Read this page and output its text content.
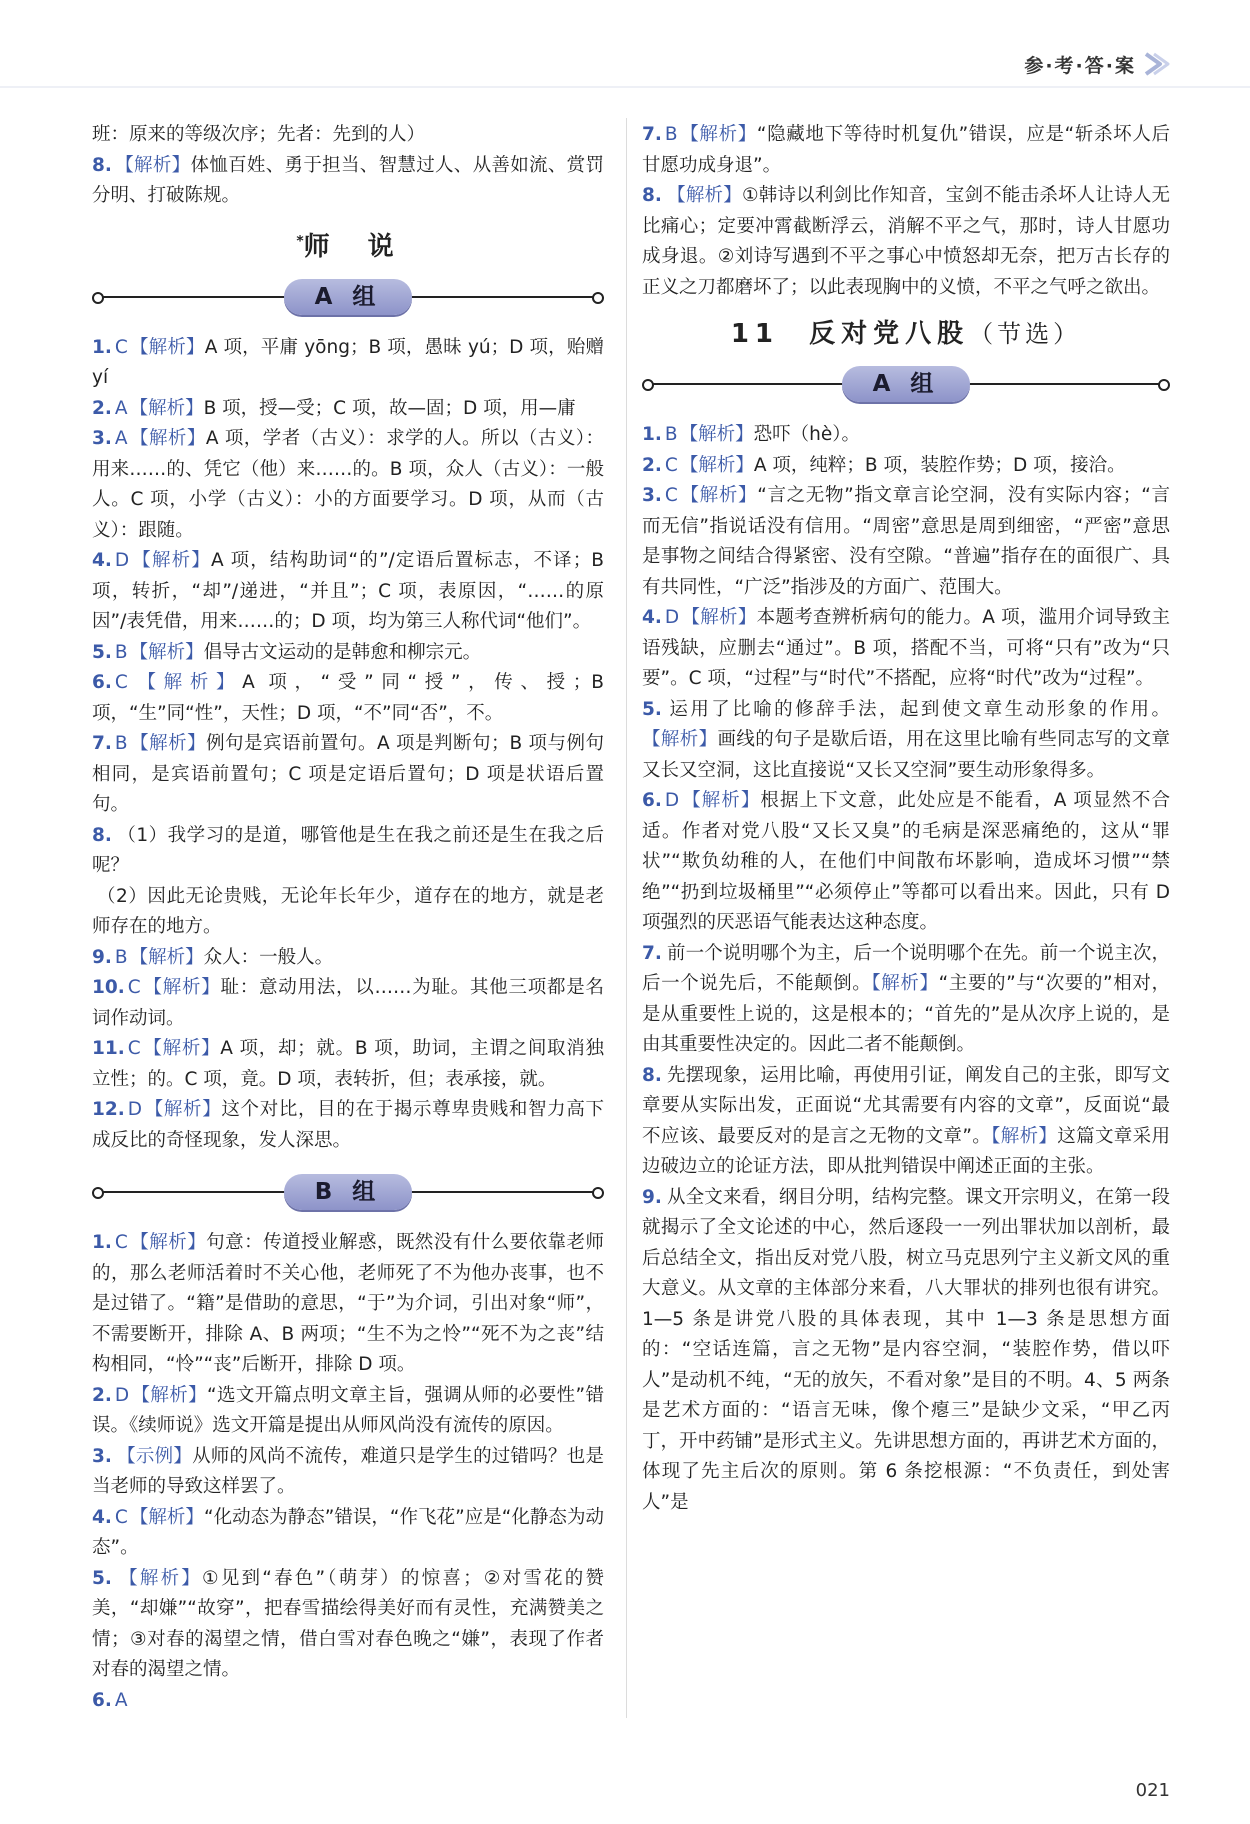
参·考·答·案

班：原来的等级次序；先者：先到的人）

8. 【解析】体恤百姓、勇于担当、智慧过人、从善如流、赏罚分明、打破陈规。

*师　说
A 组

1. C 【解析】A 项，平庸 yōng；B 项，愚昧 yú；D 项，贻赠 yí

2. A 【解析】B 项，授—受；C 项，故—固；D 项，用—庸

3. A 【解析】A 项，学者（古义）：求学的人。所以（古义）：用来……的、凭它（他）来……的。B 项，众人（古义）：一般人。C 项，小学（古义）：小的方面要学习。D 项，从而（古义）：跟随。

4. D 【解析】A 项，结构助词“的”/定语后置标志，不译；B 项，转折，“却”/递进，“并且”；C 项，表原因，“……的原因”/表凭借，用来……的；D 项，均为第三人称代词“他们”。

5. B 【解析】倡导古文运动的是韩愈和柳宗元。

6. C 【解析】A 项，“受”同“授”，传、授；B 项，“生”同“性”，天性；D 项，“不”同“否”，不。

7. B 【解析】例句是宾语前置句。A 项是判断句；B 项与例句相同，是宾语前置句；C 项是定语后置句；D 项是状语后置句。

8. （1）我学习的是道，哪管他是生在我之前还是生在我之后呢？

（2）因此无论贵贱，无论年长年少，道存在的地方，就是老师存在的地方。

9. B 【解析】众人：一般人。

10. C 【解析】耻：意动用法，以……为耻。其他三项都是名词作动词。

11. C 【解析】A 项，却；就。B 项，助词，主谓之间取消独立性；的。C 项，竟。D 项，表转折，但；表承接，就。

12. D 【解析】这个对比，目的在于揭示尊卑贵贱和智力高下成反比的奇怪现象，发人深思。

B 组

1. C 【解析】句意：传道授业解惑，既然没有什么要依靠老师的，那么老师活着时不关心他，老师死了不为他办丧事，也不是过错了。“籍”是借助的意思，“于”为介词，引出对象“师”，不需要断开，排除 A、B 两项；“生不为之怜”“死不为之丧”结构相同，“怜”“丧”后断开，排除 D 项。

2. D 【解析】“选文开篇点明文章主旨，强调从师的必要性”错误。《续师说》选文开篇是提出从师风尚没有流传的原因。

3. 【示例】从师的风尚不流传，难道只是学生的过错吗？也是当老师的导致这样罢了。

4. C 【解析】“化动态为静态”错误，“作飞花”应是“化静态为动态”。

5. 【解析】①见到“春色”（萌芽）的惊喜；②对雪花的赞美，“却嫌”“故穿”，把春雪描绘得美好而有灵性，充满赞美之情；③对春的渴望之情，借白雪对春色晚之“嫌”，表现了作者对春的渴望之情。

6. A

7. B 【解析】“隐藏地下等待时机复仇”错误，应是“斩杀坏人后甘愿功成身退”。

8. 【解析】①韩诗以利剑比作知音，宝剑不能击杀坏人让诗人无比痛心；定要冲霄截断浮云，消解不平之气，那时，诗人甘愿功成身退。②刘诗写遇到不平之事心中愤怒却无奈，把万古长存的正义之刀都磨坏了；以此表现胸中的义愤，不平之气呼之欲出。

11 反对党八股（节选）
A 组

1. B 【解析】恐吓（hè）。

2. C 【解析】A 项，纯粹；B 项，装腔作势；D 项，接洽。

3. C 【解析】“言之无物”指文章言论空洞，没有实际内容；“言而无信”指说话没有信用。“周密”意思是周到细密，“严密”意思是事物之间结合得紧密、没有空隙。“普遍”指存在的面很广、具有共同性，“广泛”指涉及的方面广、范围大。

4. D 【解析】本题考查辨析病句的能力。A 项，滥用介词导致主语残缺，应删去“通过”。B 项，搭配不当，可将“只有”改为“只要”。C 项，“过程”与“时代”不搭配，应将“时代”改为“过程”。

5. 运用了比喻的修辞手法，起到使文章生动形象的作用。【解析】画线的句子是歇后语，用在这里比喻有些同志写的文章又长又空洞，这比直接说“又长又空洞”要生动形象得多。

6. D 【解析】根据上下文意，此处应是不能看，A 项显然不合适。作者对党八股“又长又臭”的毛病是深恶痛绝的，这从“罪状”“欺负幼稚的人，在他们中间散布坏影响，造成坏习惯”“禁绝”“扔到垃圾桶里”“必须停止”等都可以看出来。因此，只有 D 项强烈的厌恶语气能表达这种态度。

7. 前一个说明哪个为主，后一个说明哪个在先。前一个说主次，后一个说先后，不能颠倒。【解析】“主要的”与“次要的”相对，是从重要性上说的，这是根本的；“首先的”是从次序上说的，是由其重要性决定的。因此二者不能颠倒。

8. 先摆现象，运用比喻，再使用引证，阐发自己的主张，即写文章要从实际出发，正面说“尤其需要有内容的文章”，反面说“最不应该、最要反对的是言之无物的文章”。【解析】这篇文章采用边破边立的论证方法，即从批判错误中阐述正面的主张。

9. 从全文来看，纲目分明，结构完整。课文开宗明义，在第一段就揭示了全文论述的中心，然后逐段一一列出罪状加以剖析，最后总结全文，指出反对党八股，树立马克思列宁主义新文风的重大意义。从文章的主体部分来看，八大罪状的排列也很有讲究。1—5 条是讲党八股的具体表现，其中 1—3 条是思想方面的：“空话连篇，言之无物”是内容空洞，“装腔作势，借以吓人”是动机不纯，“无的放矢，不看对象”是目的不明。4、5 两条是艺术方面的：“语言无味，像个瘪三”是缺少文采，“甲乙丙丁，开中药铺”是形式主义。先讲思想方面的，再讲艺术方面的，体现了先主后次的原则。第 6 条挖根源：“不负责任，到处害人”是

021
